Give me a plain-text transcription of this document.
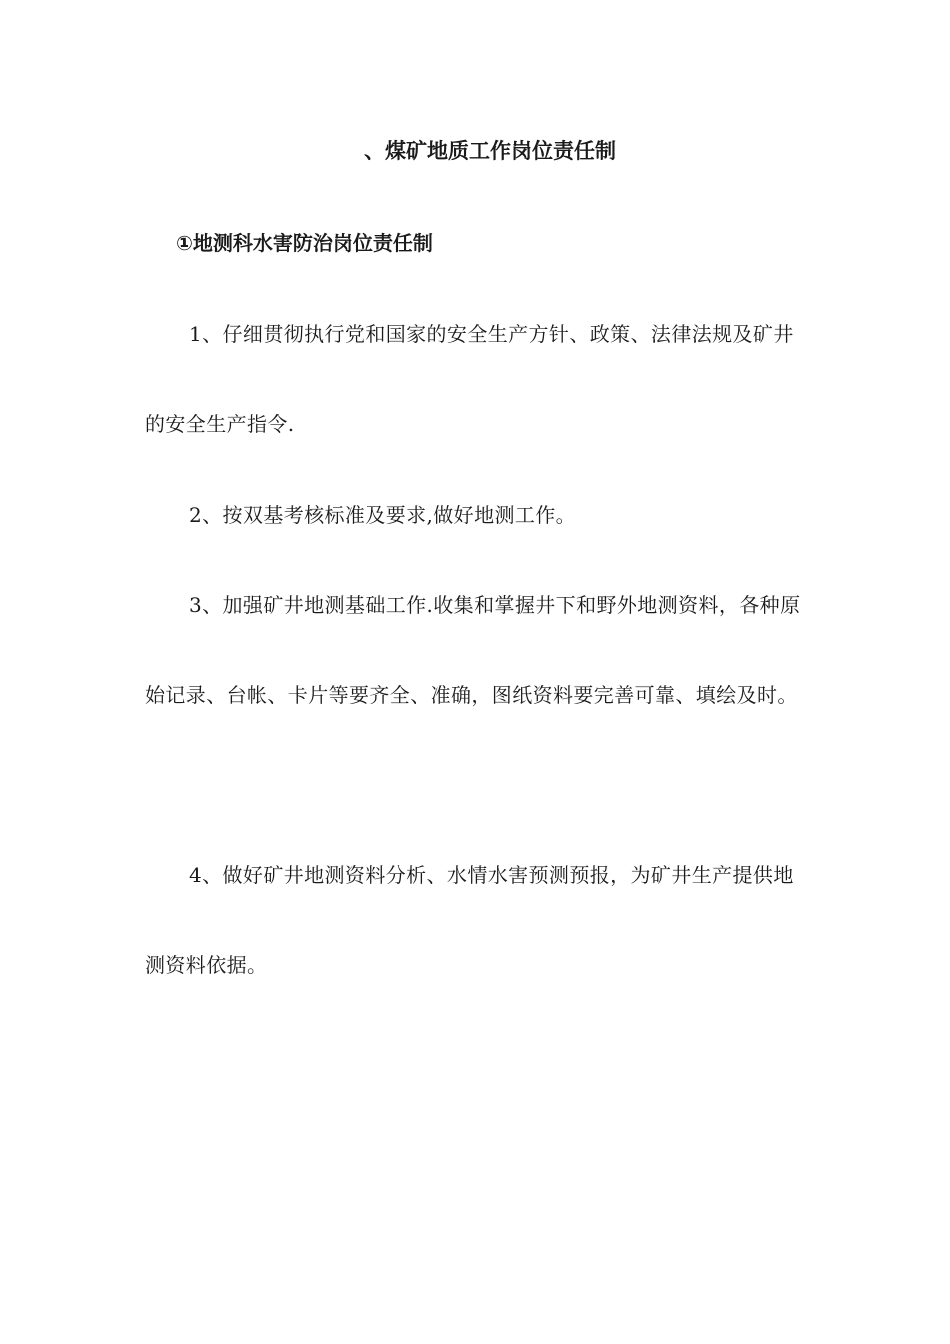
、煤矿地质工作岗位责任制
①地测科水害防治岗位责任制

1、仔细贯彻执行党和国家的安全生产方针、政策、法律法规及矿井的安全生产指令.

2、按双基考核标准及要求,做好地测工作。

3、加强矿井地测基础工作.收集和掌握井下和野外地测资料，各种原始记录、台帐、卡片等要齐全、准确，图纸资料要完善可靠、填绘及时。

4、做好矿井地测资料分析、水情水害预测预报，为矿井生产提供地测资料依据。
